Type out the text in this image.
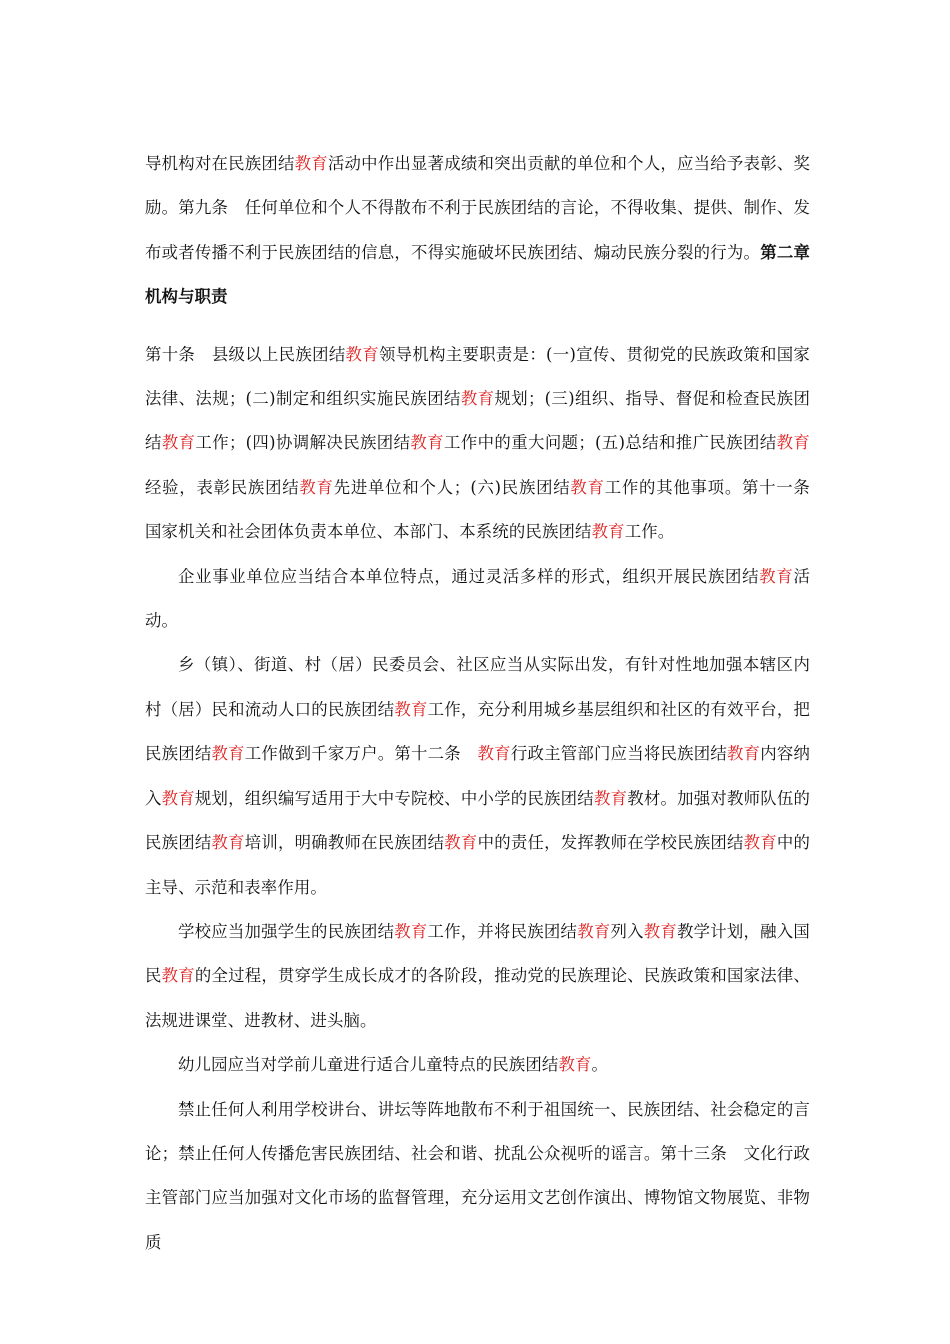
导机构对在民族团结教育活动中作出显著成绩和突出贡献的单位和个人，应当给予表彰、奖励。第九条　任何单位和个人不得散布不利于民族团结的言论，不得收集、提供、制作、发布或者传播不利于民族团结的信息，不得实施破坏民族团结、煽动民族分裂的行为。第二章　机构与职责

第十条　县级以上民族团结教育领导机构主要职责是：(一)宣传、贯彻党的民族政策和国家法律、法规；(二)制定和组织实施民族团结教育规划；(三)组织、指导、督促和检查民族团结教育工作；(四)协调解决民族团结教育工作中的重大问题；(五)总结和推广民族团结教育经验，表彰民族团结教育先进单位和个人；(六)民族团结教育工作的其他事项。第十一条　国家机关和社会团体负责本单位、本部门、本系统的民族团结教育工作。

企业事业单位应当结合本单位特点，通过灵活多样的形式，组织开展民族团结教育活动。

乡（镇）、街道、村（居）民委员会、社区应当从实际出发，有针对性地加强本辖区内村（居）民和流动人口的民族团结教育工作，充分利用城乡基层组织和社区的有效平台，把民族团结教育工作做到千家万户。第十二条　教育行政主管部门应当将民族团结教育内容纳入教育规划，组织编写适用于大中专院校、中小学的民族团结教育教材。加强对教师队伍的民族团结教育培训，明确教师在民族团结教育中的责任，发挥教师在学校民族团结教育中的主导、示范和表率作用。

学校应当加强学生的民族团结教育工作，并将民族团结教育列入教育教学计划，融入国民教育的全过程，贯穿学生成长成才的各阶段，推动党的民族理论、民族政策和国家法律、法规进课堂、进教材、进头脑。

幼儿园应当对学前儿童进行适合儿童特点的民族团结教育。

禁止任何人利用学校讲台、讲坛等阵地散布不利于祖国统一、民族团结、社会稳定的言论；禁止任何人传播危害民族团结、社会和谐、扰乱公众视听的谣言。第十三条　文化行政主管部门应当加强对文化市场的监督管理，充分运用文艺创作演出、博物馆文物展览、非物质
